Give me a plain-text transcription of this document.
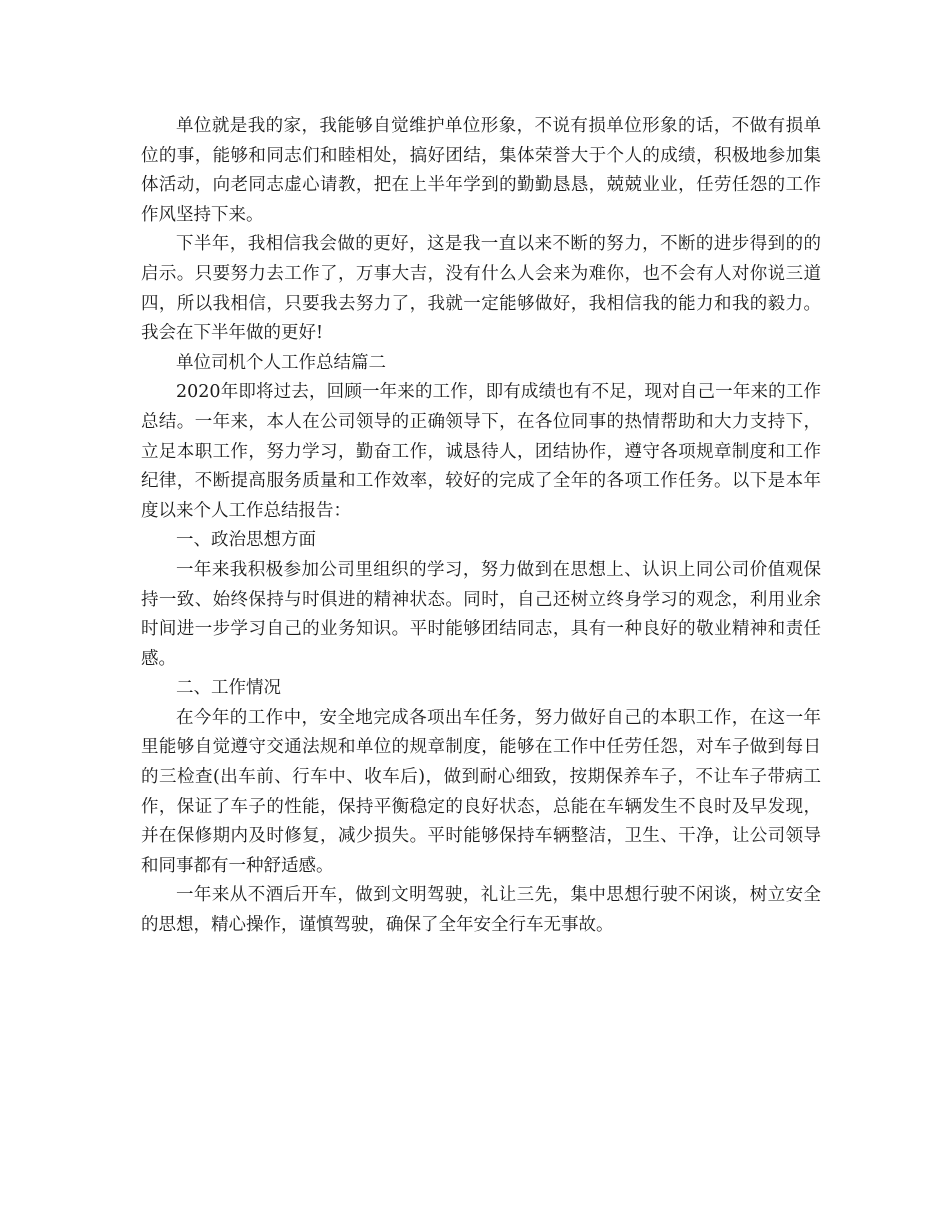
单位就是我的家，我能够自觉维护单位形象，不说有损单位形象的话，不做有损单位的事，能够和同志们和睦相处，搞好团结，集体荣誉大于个人的成绩，积极地参加集体活动，向老同志虚心请教，把在上半年学到的勤勤恳恳，兢兢业业，任劳任怨的工作作风坚持下来。

下半年，我相信我会做的更好，这是我一直以来不断的努力，不断的进步得到的的启示。只要努力去工作了，万事大吉，没有什么人会来为难你，也不会有人对你说三道四，所以我相信，只要我去努力了，我就一定能够做好，我相信我的能力和我的毅力。我会在下半年做的更好!

单位司机个人工作总结篇二

2020年即将过去，回顾一年来的工作，即有成绩也有不足，现对自己一年来的工作总结。一年来，本人在公司领导的正确领导下，在各位同事的热情帮助和大力支持下，立足本职工作，努力学习，勤奋工作，诚恳待人，团结协作，遵守各项规章制度和工作纪律，不断提高服务质量和工作效率，较好的完成了全年的各项工作任务。以下是本年度以来个人工作总结报告：

一、政治思想方面

一年来我积极参加公司里组织的学习，努力做到在思想上、认识上同公司价值观保持一致、始终保持与时俱进的精神状态。同时，自己还树立终身学习的观念，利用业余时间进一步学习自己的业务知识。平时能够团结同志，具有一种良好的敬业精神和责任感。

二、工作情况

在今年的工作中，安全地完成各项出车任务，努力做好自己的本职工作，在这一年里能够自觉遵守交通法规和单位的规章制度，能够在工作中任劳任怨，对车子做到每日的三检查(出车前、行车中、收车后)，做到耐心细致，按期保养车子，不让车子带病工作，保证了车子的性能，保持平衡稳定的良好状态，总能在车辆发生不良时及早发现，并在保修期内及时修复，减少损失。平时能够保持车辆整洁，卫生、干净，让公司领导和同事都有一种舒适感。

一年来从不酒后开车，做到文明驾驶，礼让三先，集中思想行驶不闲谈，树立安全的思想，精心操作，谨慎驾驶，确保了全年安全行车无事故。
